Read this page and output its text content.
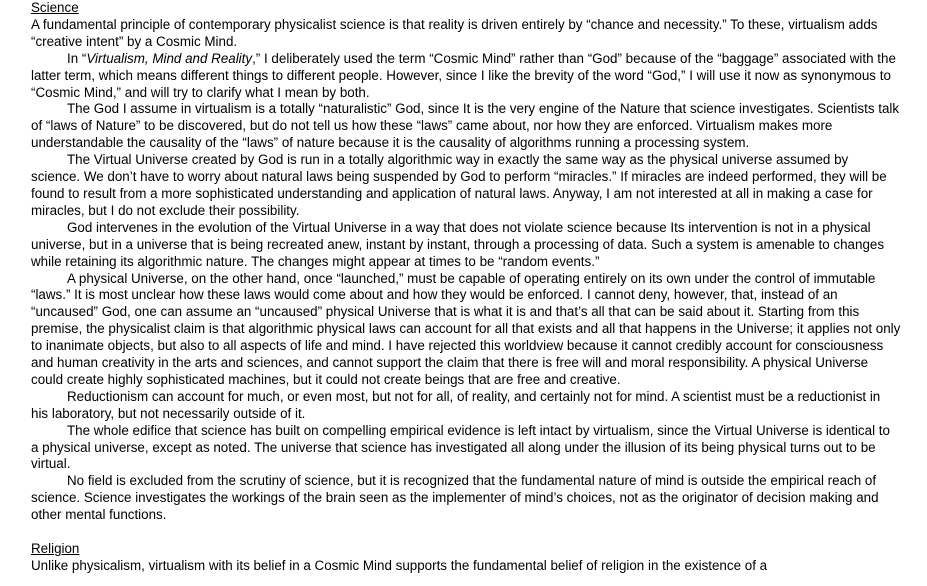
Science

A fundamental principle of contemporary physicalist science is that reality is driven entirely by “chance and necessity.” To these, virtualism adds “creative intent” by a Cosmic Mind.

In “Virtualism, Mind and Reality,” I deliberately used the term “Cosmic Mind” rather than “God” because of the “baggage” associated with the latter term, which means different things to different people. However, since I like the brevity of the word “God,” I will use it now as synonymous to “Cosmic Mind,” and will try to clarify what I mean by both.

The God I assume in virtualism is a totally “naturalistic” God, since It is the very engine of the Nature that science investigates. Scientists talk of “laws of Nature” to be discovered, but do not tell us how these “laws” came about, nor how they are enforced. Virtualism makes more understandable the causality of the “laws” of nature because it is the causality of algorithms running a processing system.

The Virtual Universe created by God is run in a totally algorithmic way in exactly the same way as the physical universe assumed by science. We don’t have to worry about natural laws being suspended by God to perform “miracles.” If miracles are indeed performed, they will be found to result from a more sophisticated understanding and application of natural laws. Anyway, I am not interested at all in making a case for miracles, but I do not exclude their possibility.

God intervenes in the evolution of the Virtual Universe in a way that does not violate science because Its intervention is not in a physical universe, but in a universe that is being recreated anew, instant by instant, through a processing of data. Such a system is amenable to changes while retaining its algorithmic nature. The changes might appear at times to be “random events.”

A physical Universe, on the other hand, once “launched,” must be capable of operating entirely on its own under the control of immutable “laws.” It is most unclear how these laws would come about and how they would be enforced. I cannot deny, however, that, instead of an “uncaused” God, one can assume an “uncaused” physical Universe that is what it is and that’s all that can be said about it. Starting from this premise, the physicalist claim is that algorithmic physical laws can account for all that exists and all that happens in the Universe; it applies not only to inanimate objects, but also to all aspects of life and mind. I have rejected this worldview because it cannot credibly account for consciousness and human creativity in the arts and sciences, and cannot support the claim that there is free will and moral responsibility. A physical Universe could create highly sophisticated machines, but it could not create beings that are free and creative.

Reductionism can account for much, or even most, but not for all, of reality, and certainly not for mind. A scientist must be a reductionist in his laboratory, but not necessarily outside of it.

The whole edifice that science has built on compelling empirical evidence is left intact by virtualism, since the Virtual Universe is identical to a physical universe, except as noted. The universe that science has investigated all along under the illusion of its being physical turns out to be virtual.

No field is excluded from the scrutiny of science, but it is recognized that the fundamental nature of mind is outside the empirical reach of science. Science investigates the workings of the brain seen as the implementer of mind’s choices, not as the originator of decision making and other mental functions.

Religion

Unlike physicalism, virtualism with its belief in a Cosmic Mind supports the fundamental belief of religion in the existence of a
